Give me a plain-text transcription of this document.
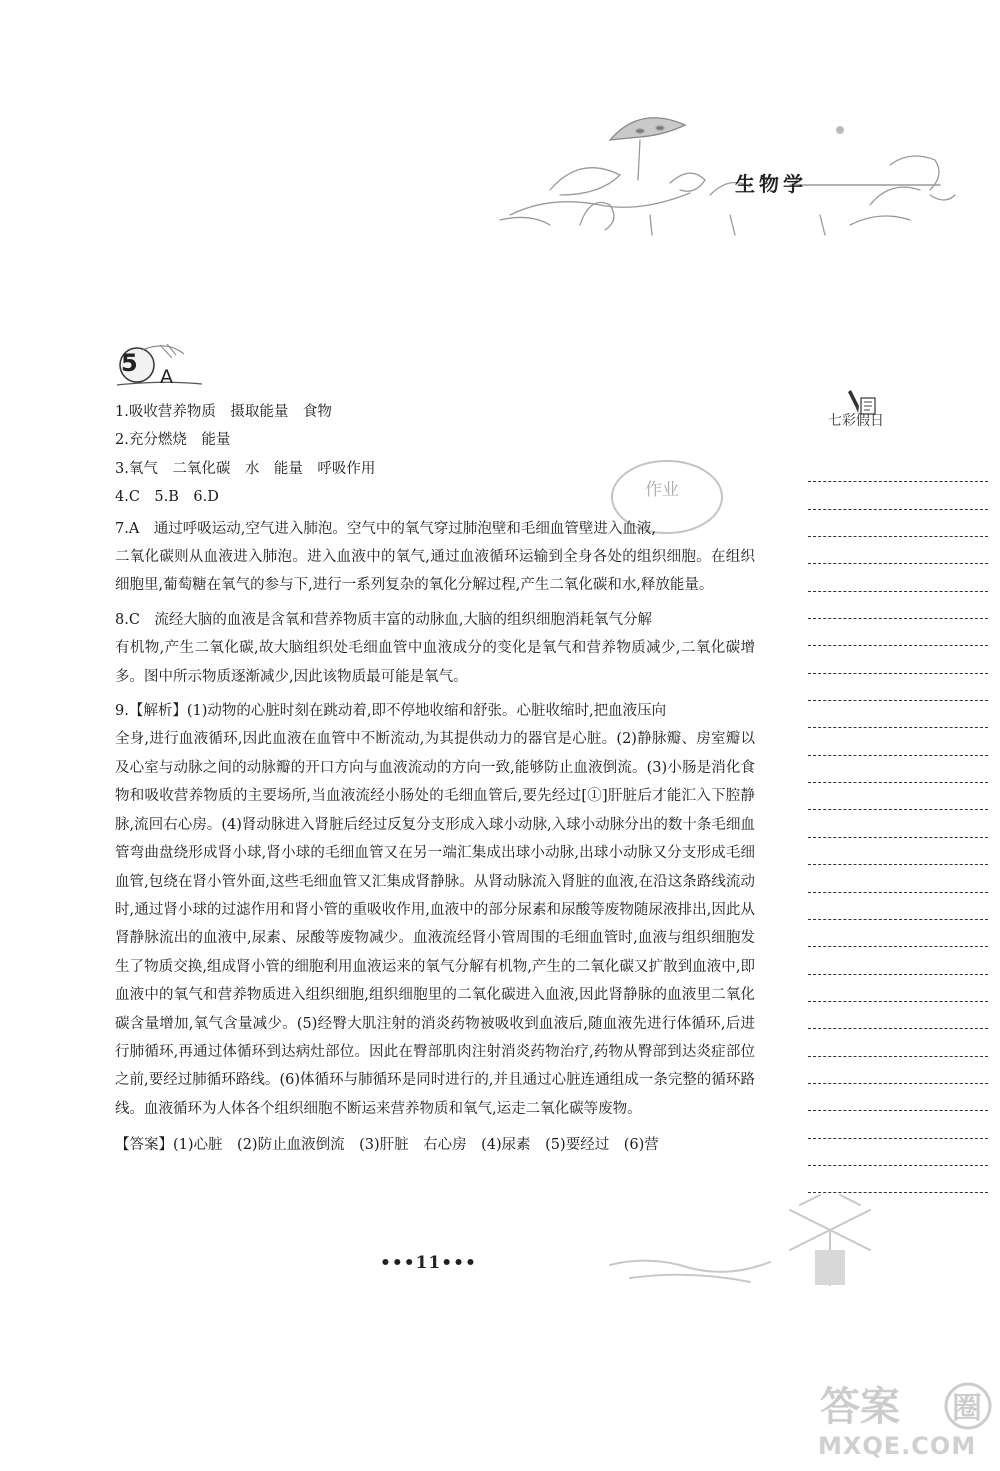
生物学
5 A
作业

1.吸收营养物质　摄取能量　食物

2.充分燃烧　能量

3.氧气　二氧化碳　水　能量　呼吸作用

4.C　5.B　6.D

7.A　通过呼吸运动,空气进入肺泡。空气中的氧气穿过肺泡壁和毛细血管壁进入血液,

二氧化碳则从血液进入肺泡。进入血液中的氧气,通过血液循环运输到全身各处的组织细胞。在组织细胞里,葡萄糖在氧气的参与下,进行一系列复杂的氧化分解过程,产生二氧化碳和水,释放能量。

8.C　流经大脑的血液是含氧和营养物质丰富的动脉血,大脑的组织细胞消耗氧气分解

有机物,产生二氧化碳,故大脑组织处毛细血管中血液成分的变化是氧气和营养物质减少,二氧化碳增多。图中所示物质逐渐减少,因此该物质最可能是氧气。

9.【解析】(1)动物的心脏时刻在跳动着,即不停地收缩和舒张。心脏收缩时,把血液压向

全身,进行血液循环,因此血液在血管中不断流动,为其提供动力的器官是心脏。(2)静脉瓣、房室瓣以及心室与动脉之间的动脉瓣的开口方向与血液流动的方向一致,能够防止血液倒流。(3)小肠是消化食物和吸收营养物质的主要场所,当血液流经小肠处的毛细血管后,要先经过[①]肝脏后才能汇入下腔静脉,流回右心房。(4)肾动脉进入肾脏后经过反复分支形成入球小动脉,入球小动脉分出的数十条毛细血管弯曲盘绕形成肾小球,肾小球的毛细血管又在另一端汇集成出球小动脉,出球小动脉又分支形成毛细血管,包绕在肾小管外面,这些毛细血管又汇集成肾静脉。从肾动脉流入肾脏的血液,在沿这条路线流动时,通过肾小球的过滤作用和肾小管的重吸收作用,血液中的部分尿素和尿酸等废物随尿液排出,因此从肾静脉流出的血液中,尿素、尿酸等废物减少。血液流经肾小管周围的毛细血管时,血液与组织细胞发生了物质交换,组成肾小管的细胞利用血液运来的氧气分解有机物,产生的二氧化碳又扩散到血液中,即血液中的氧气和营养物质进入组织细胞,组织细胞里的二氧化碳进入血液,因此肾静脉的血液里二氧化碳含量增加,氧气含量减少。(5)经臀大肌注射的消炎药物被吸收到血液后,随血液先进行体循环,后进行肺循环,再通过体循环到达病灶部位。因此在臀部肌肉注射消炎药物治疗,药物从臀部到达炎症部位之前,要经过肺循环路线。(6)体循环与肺循环是同时进行的,并且通过心脏连通组成一条完整的循环路线。血液循环为人体各个组织细胞不断运来营养物质和氧气,运走二氧化碳等废物。

【答案】(1)心脏　(2)防止血液倒流　(3)肝脏　右心房　(4)尿素　(5)要经过　(6)营

七彩假日
•••11•••
答案 圈
MXQE.COM
